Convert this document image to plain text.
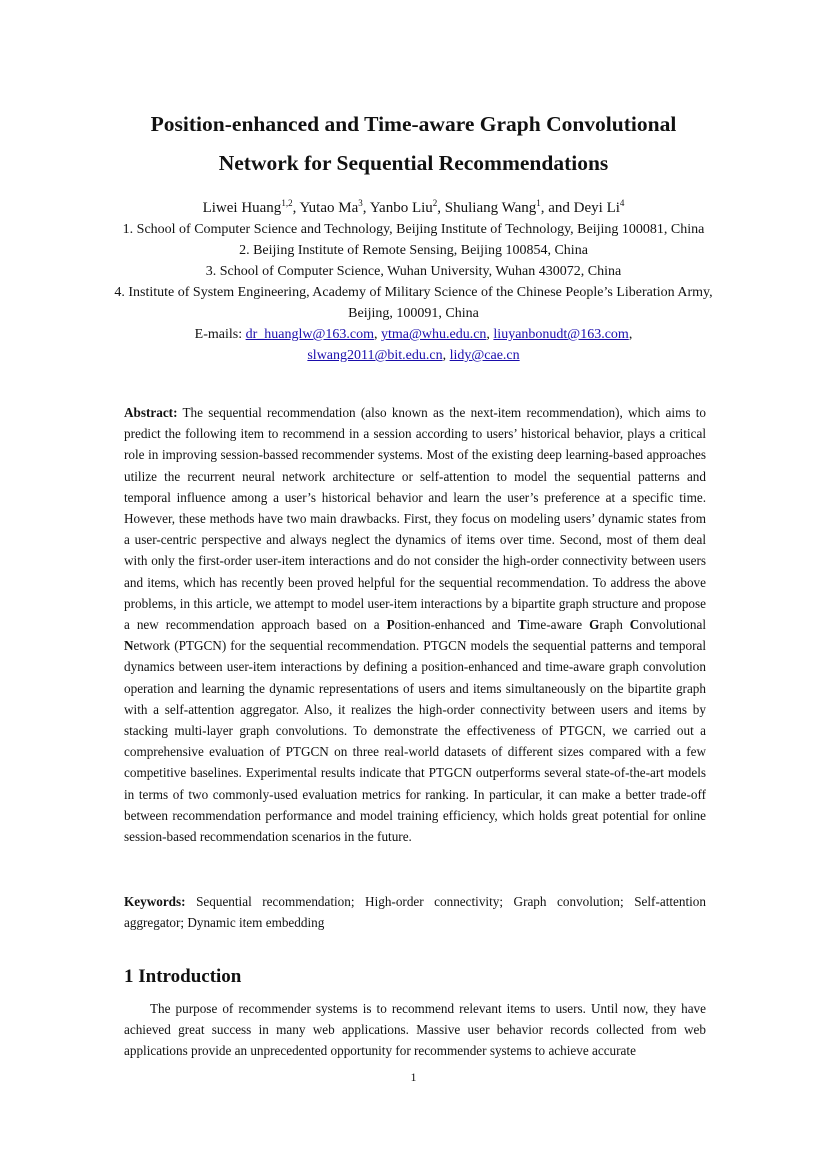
Position-enhanced and Time-aware Graph Convolutional
Network for Sequential Recommendations
Liwei Huang$^{1,2}$, Yutao Ma$^3$, Yanbo Liu$^2$, Shuliang Wang$^1$, and Deyi Li$^4$
1. School of Computer Science and Technology, Beijing Institute of Technology, Beijing 100081, China
2. Beijing Institute of Remote Sensing, Beijing 100854, China
3. School of Computer Science, Wuhan University, Wuhan 430072, China
4. Institute of System Engineering, Academy of Military Science of the Chinese People’s Liberation Army, Beijing, 100091, China
E-mails: dr_huanglw@163.com, ytma@whu.edu.cn, liuyanbonudt@163.com,
slwang2011@bit.edu.cn, lidy@cae.cn
Abstract: The sequential recommendation (also known as the next-item recommendation), which aims to predict the following item to recommend in a session according to users’ historical behavior, plays a critical role in improving session-bassed recommender systems. Most of the existing deep learning-based approaches utilize the recurrent neural network architecture or self-attention to model the sequential patterns and temporal influence among a user’s historical behavior and learn the user’s preference at a specific time. However, these methods have two main drawbacks. First, they focus on modeling users’ dynamic states from a user-centric perspective and always neglect the dynamics of items over time. Second, most of them deal with only the first-order user-item interactions and do not consider the high-order connectivity between users and items, which has recently been proved helpful for the sequential recommendation. To address the above problems, in this article, we attempt to model user-item interactions by a bipartite graph structure and propose a new recommendation approach based on a Position-enhanced and Time-aware Graph Convolutional Network (PTGCN) for the sequential recommendation. PTGCN models the sequential patterns and temporal dynamics between user-item interactions by defining a position-enhanced and time-aware graph convolution operation and learning the dynamic representations of users and items simultaneously on the bipartite graph with a self-attention aggregator. Also, it realizes the high-order connectivity between users and items by stacking multi-layer graph convolutions. To demonstrate the effectiveness of PTGCN, we carried out a comprehensive evaluation of PTGCN on three real-world datasets of different sizes compared with a few competitive baselines. Experimental results indicate that PTGCN outperforms several state-of-the-art models in terms of two commonly-used evaluation metrics for ranking. In particular, it can make a better trade-off between recommendation performance and model training efficiency, which holds great potential for online session-based recommendation scenarios in the future.
Keywords: Sequential recommendation; High-order connectivity; Graph convolution; Self-attention aggregator; Dynamic item embedding
1 Introduction
The purpose of recommender systems is to recommend relevant items to users. Until now, they have achieved great success in many web applications. Massive user behavior records collected from web applications provide an unprecedented opportunity for recommender systems to achieve accurate
1
